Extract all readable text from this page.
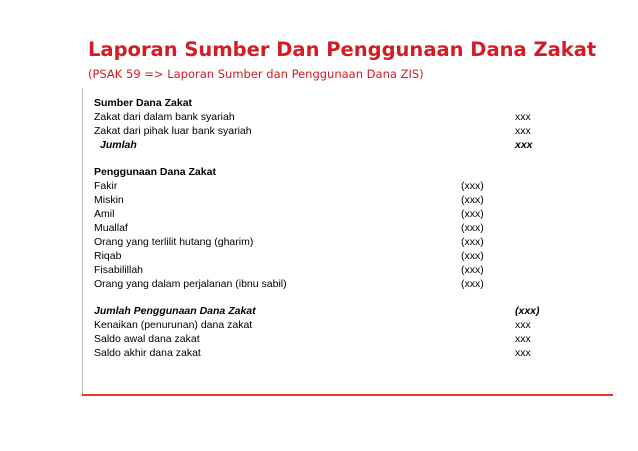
Laporan Sumber Dan Penggunaan Dana Zakat
(PSAK 59 => Laporan Sumber dan Penggunaan Dana ZIS)
Sumber Dana Zakat
Zakat dari dalam bank syariah	xxx
Zakat dari pihak luar bank syariah	xxx
Jumlah	xxx
Penggunaan Dana Zakat
Fakir	(xxx)
Miskin	(xxx)
Amil	(xxx)
Muallaf	(xxx)
Orang yang terlilit hutang (gharim)	(xxx)
Riqab	(xxx)
Fisabilillah	(xxx)
Orang yang dalam perjalanan (ibnu sabil)	(xxx)
Jumlah Penggunaan Dana Zakat	(xxx)
Kenaikan (penurunan) dana zakat	xxx
Saldo awal dana zakat	xxx
Saldo akhir dana zakat	xxx
